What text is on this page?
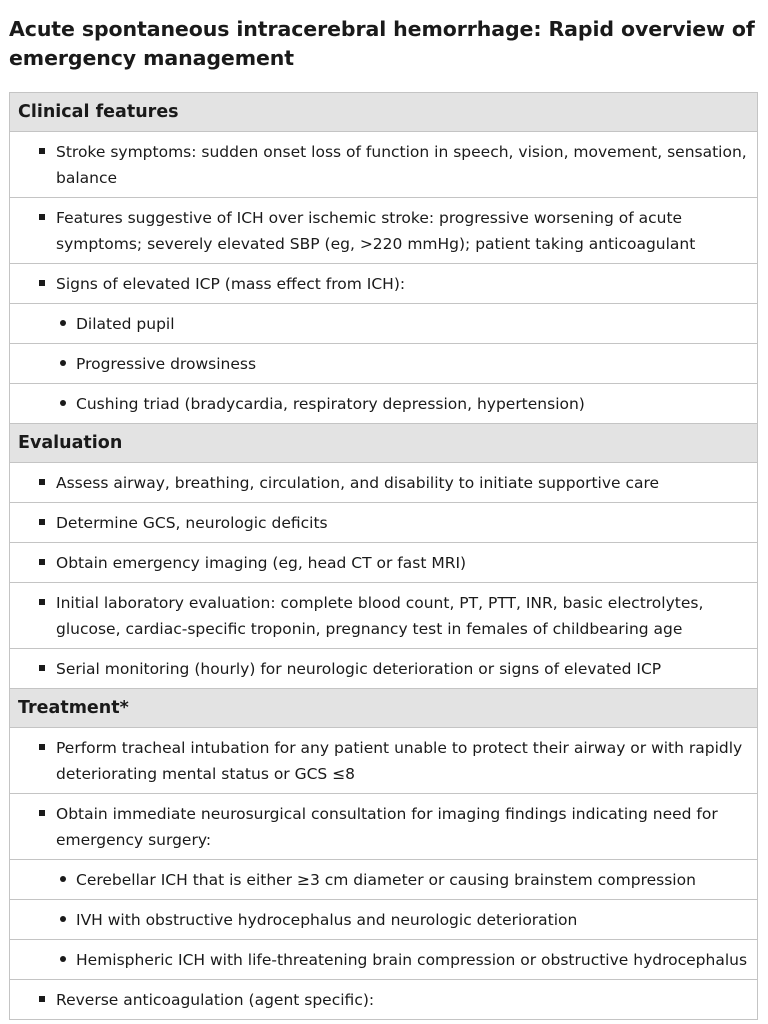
Acute spontaneous intracerebral hemorrhage: Rapid overview of emergency management
Clinical features
Stroke symptoms: sudden onset loss of function in speech, vision, movement, sensation, balance
Features suggestive of ICH over ischemic stroke: progressive worsening of acute symptoms; severely elevated SBP (eg, >220 mmHg); patient taking anticoagulant
Signs of elevated ICP (mass effect from ICH):
Dilated pupil
Progressive drowsiness
Cushing triad (bradycardia, respiratory depression, hypertension)
Evaluation
Assess airway, breathing, circulation, and disability to initiate supportive care
Determine GCS, neurologic deficits
Obtain emergency imaging (eg, head CT or fast MRI)
Initial laboratory evaluation: complete blood count, PT, PTT, INR, basic electrolytes, glucose, cardiac-specific troponin, pregnancy test in females of childbearing age
Serial monitoring (hourly) for neurologic deterioration or signs of elevated ICP
Treatment*
Perform tracheal intubation for any patient unable to protect their airway or with rapidly deteriorating mental status or GCS ≤8
Obtain immediate neurosurgical consultation for imaging findings indicating need for emergency surgery:
Cerebellar ICH that is either ≥3 cm diameter or causing brainstem compression
IVH with obstructive hydrocephalus and neurologic deterioration
Hemispheric ICH with life-threatening brain compression or obstructive hydrocephalus
Reverse anticoagulation (agent specific):
